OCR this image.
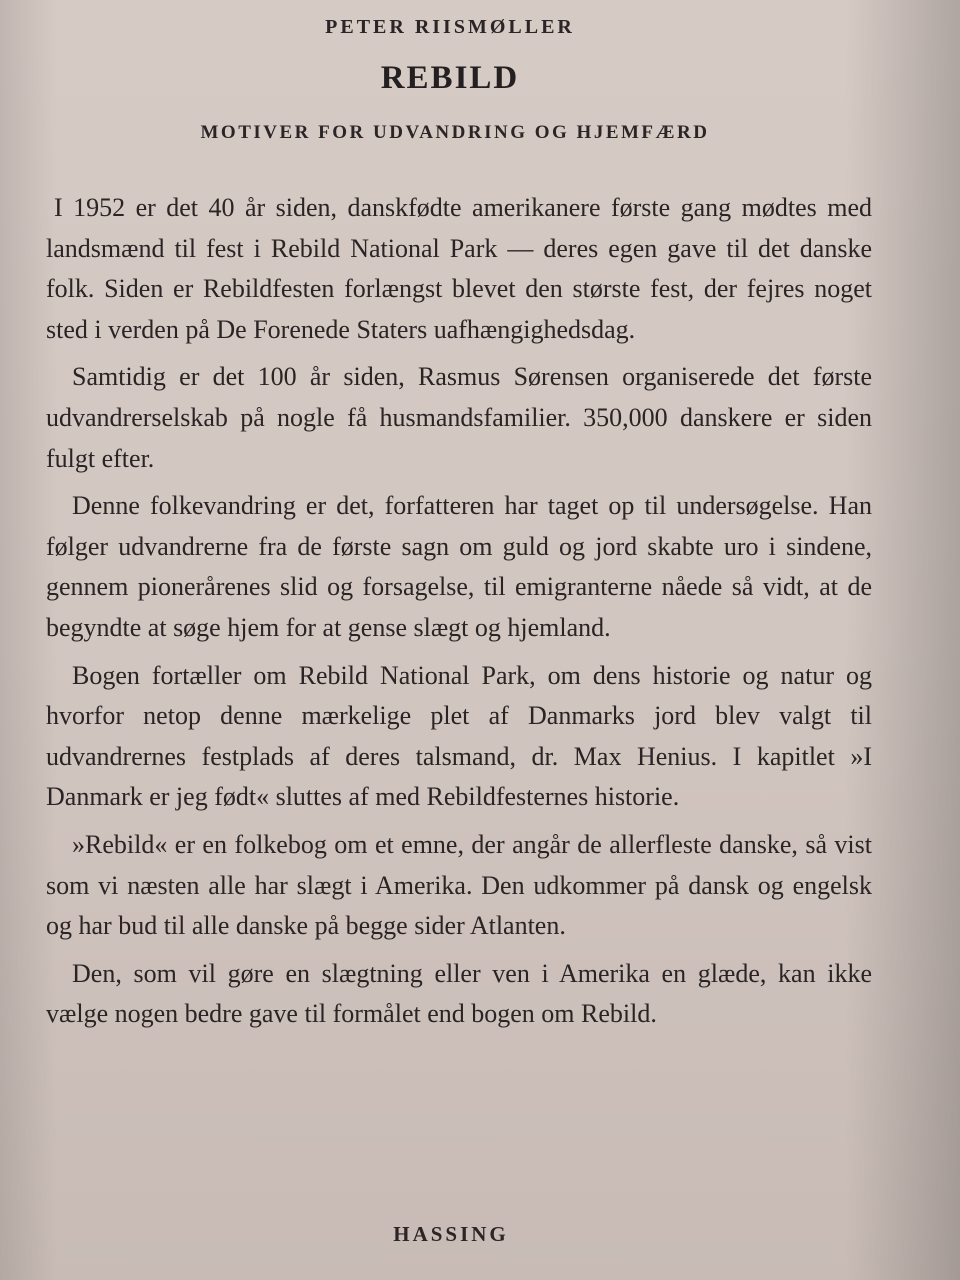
PETER RIISMØLLER
REBILD
MOTIVER FOR UDVANDRING OG HJEMFÆRD

I 1952 er det 40 år siden, danskfødte amerikanere første gang mødtes med landsmænd til fest i Rebild National Park — deres egen gave til det danske folk. Siden er Rebildfesten forlængst blevet den største fest, der fejres noget sted i verden på De Forenede Staters uafhængighedsdag.

Samtidig er det 100 år siden, Rasmus Sørensen organiserede det første udvandrerselskab på nogle få husmandsfamilier. 350,000 danskere er siden fulgt efter.

Denne folkevandring er det, forfatteren har taget op til undersøgelse. Han følger udvandrerne fra de første sagn om guld og jord skabte uro i sindene, gennem pionerårenes slid og forsagelse, til emigranterne nåede så vidt, at de begyndte at søge hjem for at gense slægt og hjemland.

Bogen fortæller om Rebild National Park, om dens historie og natur og hvorfor netop denne mærkelige plet af Danmarks jord blev valgt til udvandrernes festplads af deres talsmand, dr. Max Henius. I kapitlet »I Danmark er jeg født« sluttes af med Rebildfesternes historie.

»Rebild« er en folkebog om et emne, der angår de allerfleste danske, så vist som vi næsten alle har slægt i Amerika. Den udkommer på dansk og engelsk og har bud til alle danske på begge sider Atlanten.

Den, som vil gøre en slægtning eller ven i Amerika en glæde, kan ikke vælge nogen bedre gave til formålet end bogen om Rebild.

HASSING
